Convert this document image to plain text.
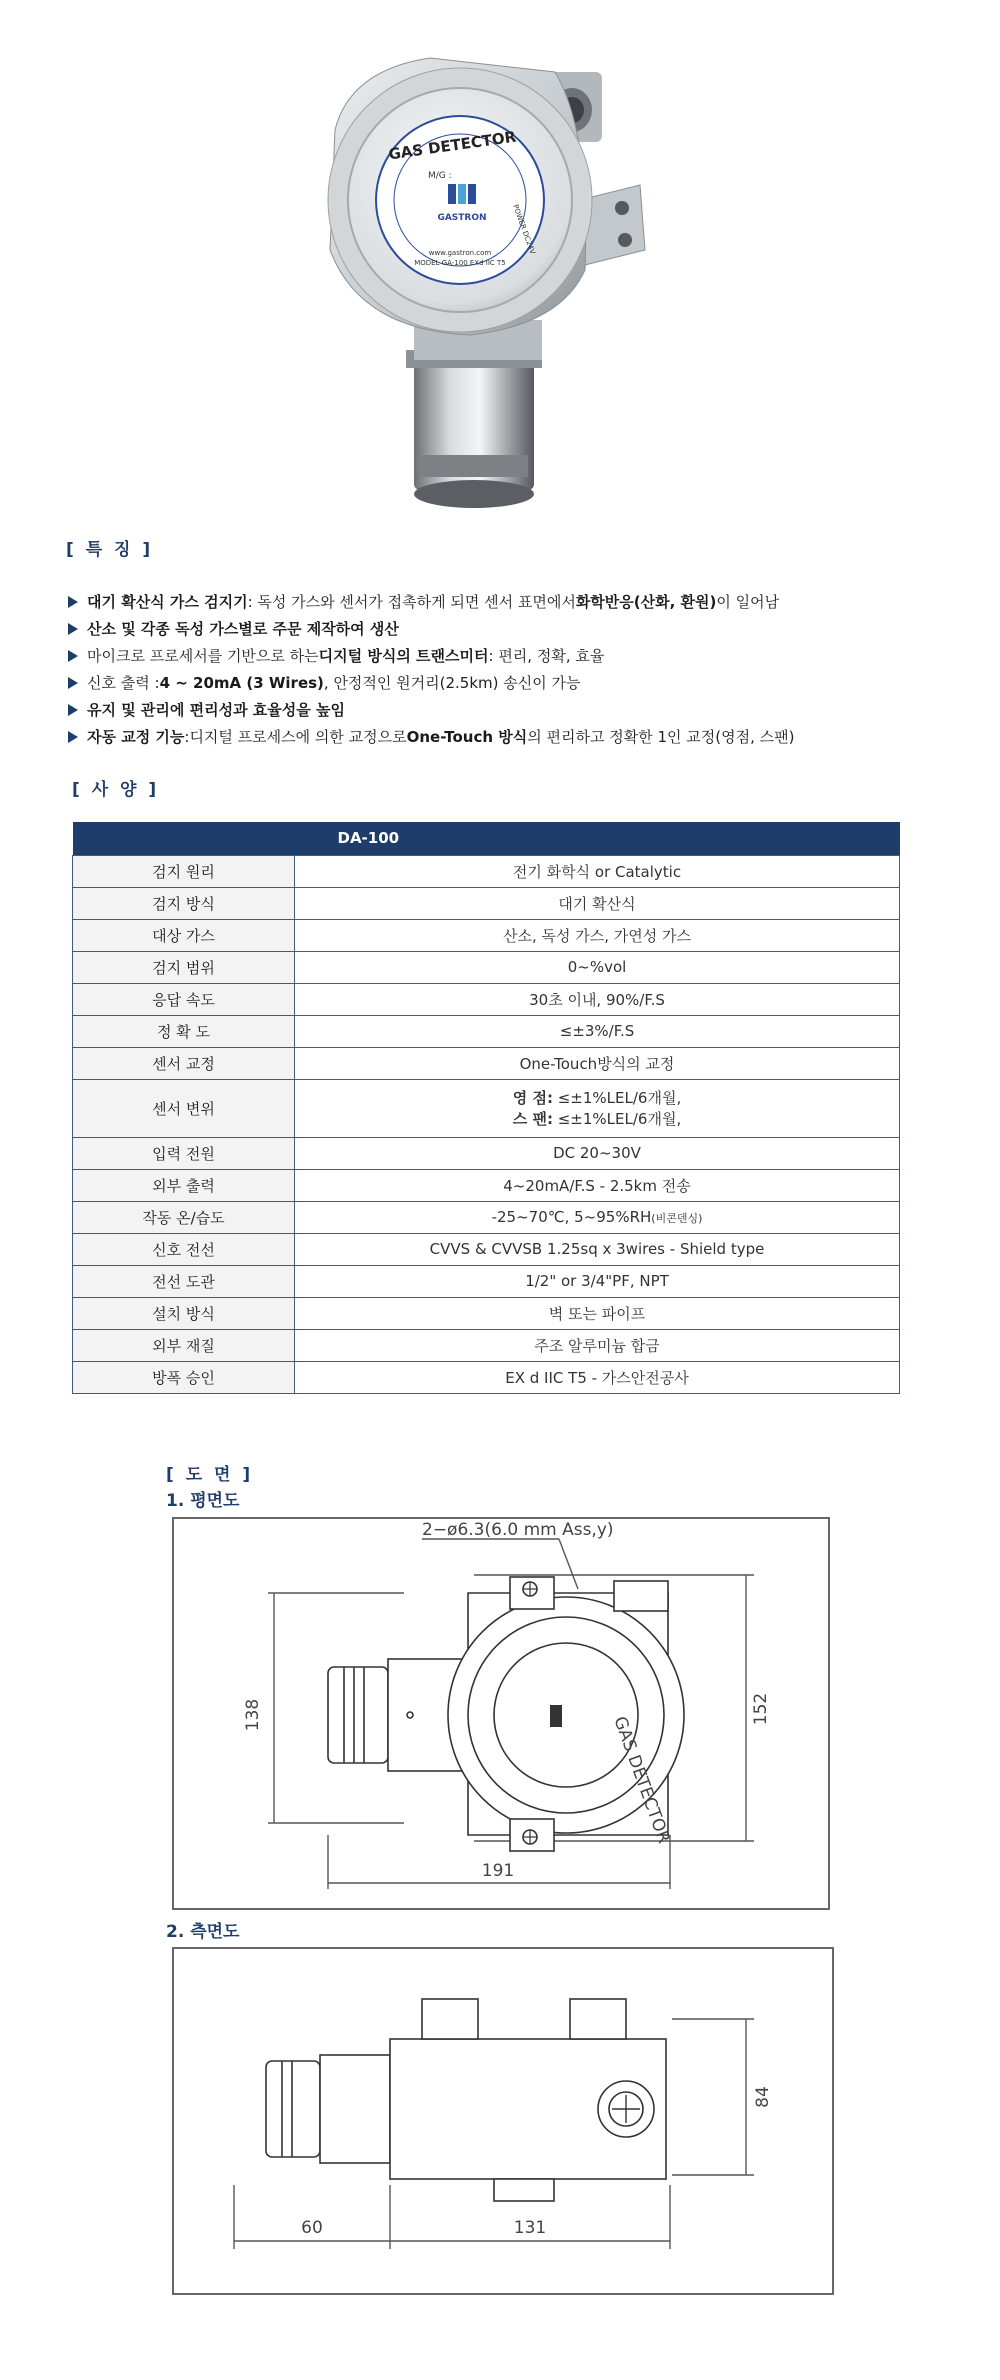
GAS DETECTOR
M/G :
GASTRON
MODEL GA-100 EXd IIC T5
www.gastron.com	POWER DC24V
[ 특 징 ]
대기 확산식 가스 검지기 : 독성 가스와 센서가 접촉하게 되면 센서 표면에서 화학반응(산화, 환원) 이 일어남
산소 및 각종 독성 가스별로 주문 제작하여 생산
마이크로 프로세서를 기반으로 하는 디지털 방식의 트랜스미터 : 편리, 정확, 효율
신호 출력 : 4 ~ 20mA (3 Wires) , 안정적인 원거리(2.5km) 송신이 가능
유지 및 관리에 편리성과 효율성을 높임
자동 교정 기능 :디지털 프로세스에 의한 교정으로 One-Touch 방식 의 편리하고 정확한 1인 교정(영점, 스팬)
[ 사 양 ]
DA-100	
검지 원리	전기 화학식 or Catalytic
검지 방식	대기 확산식
대상 가스	산소, 독성 가스, 가연성 가스
검지 범위	0~%vol
응답 속도	30초 이내, 90%/F.S
정 확 도	≤±3%/F.S
센서 교정	One-Touch방식의 교정
센서 변위	영 점: ≤±1%LEL/6개월,
스 팬: ≤±1%LEL/6개월,

입력 전원	DC 20~30V
외부 출력	4~20mA/F.S - 2.5km 전송
작동 온/습도	-25~70℃, 5~95%RH(비콘덴싱)
신호 전선	CVVS & CVVSB 1.25sq x 3wires - Shield type
전선 도관	1/2" or 3/4"PF, NPT
설치 방식	벽 또는 파이프
외부 재질	주조 알루미늄 합금
방폭 승인	EX d IIC T5 - 가스안전공사
[ 도 면 ]
1. 평면도
GAS DETECTOR
2−ø6.3(6.0 mm Ass,y)
138	152
191
2. 측면도
84
60	131
